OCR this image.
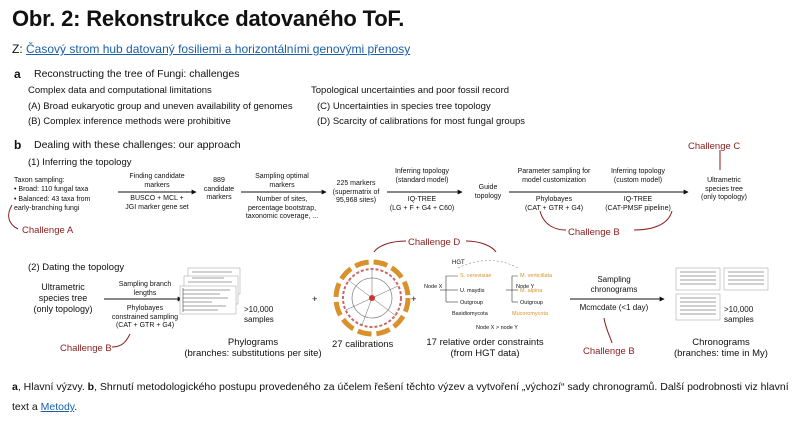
Obr. 2: Rekonstrukce datovaného ToF.
Z: Časový strom hub datovaný fosiliemi a horizontálními genovými přenosy
a Reconstructing the tree of Fungi: challenges
Complex data and computational limitations
(A) Broad eukaryotic group and uneven availability of genomes
(B) Complex inference methods were prohibitive
Topological uncertainties and poor fossil record
(C) Uncertainties in species tree topology
(D) Scarcity of calibrations for most fungal groups
b Dealing with these challenges: our approach
(1) Inferring the topology
Taxon sampling:
• Broad: 110 fungal taxa
• Balanced: 43 taxa from
early-branching fungi
Finding candidate
markers
BUSCO + MCL +
JGI marker gene set
889
candidate
markers
Sampling optimal
markers
Number of sites,
percentage bootstrap,
taxonomic coverage, ...
225 markers
(supermatrix of
95,968 sites)
Inferring topology
(standard model)
IQ-TREE
(LG + F + G4 + C60)
Guide
topology
Parameter sampling for
model customization
Phylobayes
(CAT + GTR + G4)
Inferring topology
(custom model)
IQ-TREE
(CAT-PMSF pipeline)
Ultrametric
species tree
(only topology)
Challenge C
Challenge A	Challenge B
Challenge D
(2) Dating the topology
Ultrametric
species tree
(only topology)
Sampling branch
lengths
Phylobayes
constrained sampling
(CAT + GTR + G4)
>10,000
samples
Phylograms
(branches: substitutions per site)
+
27 calibrations
+
17 relative order constraints
(from HGT data)
Challenge B	Challenge B
Sampling
chronograms
Mcmcdate (<1 day)	>10,000
samples
Chronograms
(branches: time in My)
HGT
Node X	Node Y
S. cerevisiae
U. maydis
Outgroup
M. verticillata
M. alpina
Outgroup
Basidiomycota	Mucoromycota
Node X > node Y
a, Hlavní výzvy. b, Shrnutí metodologického postupu provedeného za účelem řešení těchto výzev a vytvoření „výchozí“ sady chronogramů. Další podrobnosti viz hlavní text a Metody.
